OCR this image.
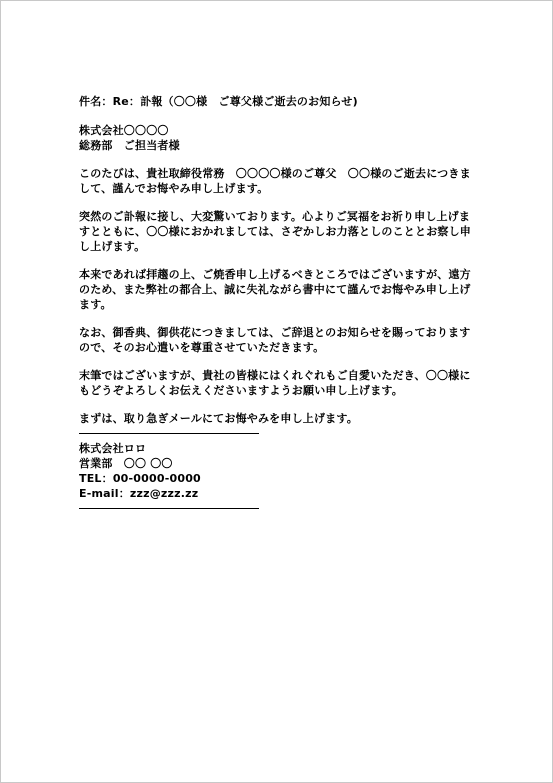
件名：Re：訃報（〇〇様　ご尊父様ご逝去のお知らせ)
株式会社〇〇〇〇
総務部　ご担当者様

このたびは、貴社取締役常務　〇〇〇〇様のご尊父　〇〇様のご逝去につきまして、謹んでお悔やみ申し上げます。

突然のご訃報に接し、大変驚いております。心よりご冥福をお祈り申し上げますとともに、〇〇様におかれましては、さぞかしお力落としのこととお察し申し上げます。

本来であれば拝趨の上、ご焼香申し上げるべきところではございますが、遠方のため、また弊社の都合上、誠に失礼ながら書中にて謹んでお悔やみ申し上げます。

なお、御香典、御供花につきましては、ご辞退とのお知らせを賜っておりますので、そのお心遣いを尊重させていただきます。

末筆ではございますが、貴社の皆様にはくれぐれもご自愛いただき、〇〇様にもどうぞよろしくお伝えくださいますようお願い申し上げます。

まずは、取り急ぎメールにてお悔やみを申し上げます。

株式会社ロロ
営業部　〇〇 〇〇
TEL：00-0000-0000
E-mail：zzz@zzz.zz
